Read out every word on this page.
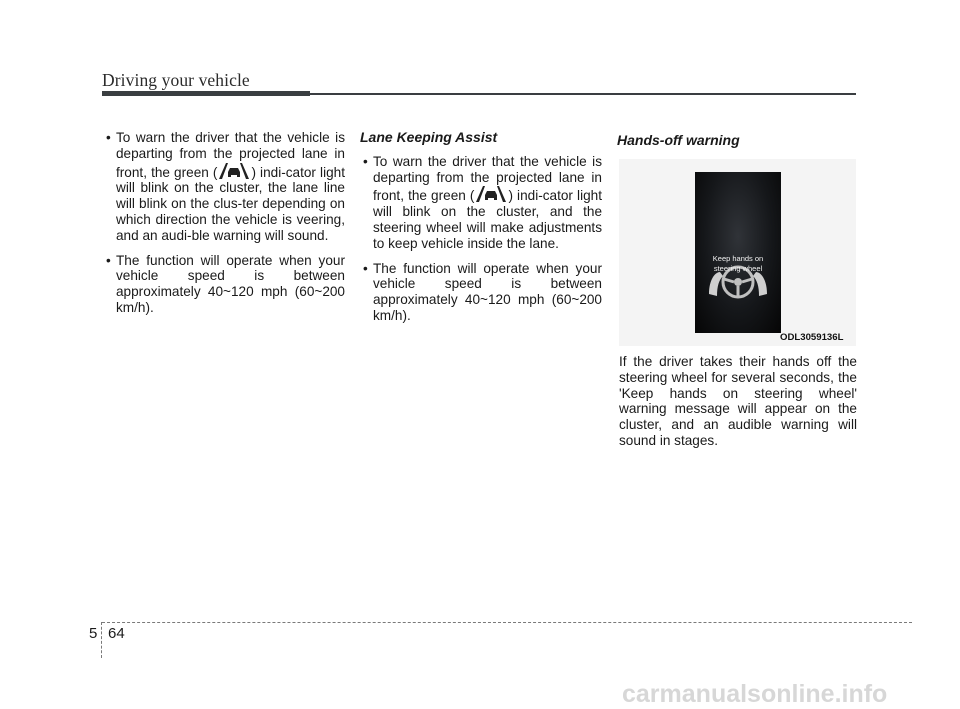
Driving your vehicle
• To warn the driver that the vehicle is departing from the projected lane in front, the green (	) indi-cator light will blink on the cluster, the lane line will blink on the clus-ter depending on which direction the vehicle is veering, and an audi-ble warning will sound.
• The function will operate when your vehicle speed is between approximately 40~120 mph (60~200 km/h).
Lane Keeping Assist
• To warn the driver that the vehicle is departing from the projected lane in front, the green (	) indi-cator light will blink on the cluster, and the steering wheel will make adjustments to keep vehicle inside the lane.
• The function will operate when your vehicle speed is between approximately 40~120 mph (60~200 km/h).
Hands-off warning
Keep hands on
steering wheel
ODL3059136L
If the driver takes their hands off the steering wheel for several seconds, the 'Keep hands on steering wheel' warning message will appear on the cluster, and an audible warning will sound in stages.
5 64
carmanualsonline.info
